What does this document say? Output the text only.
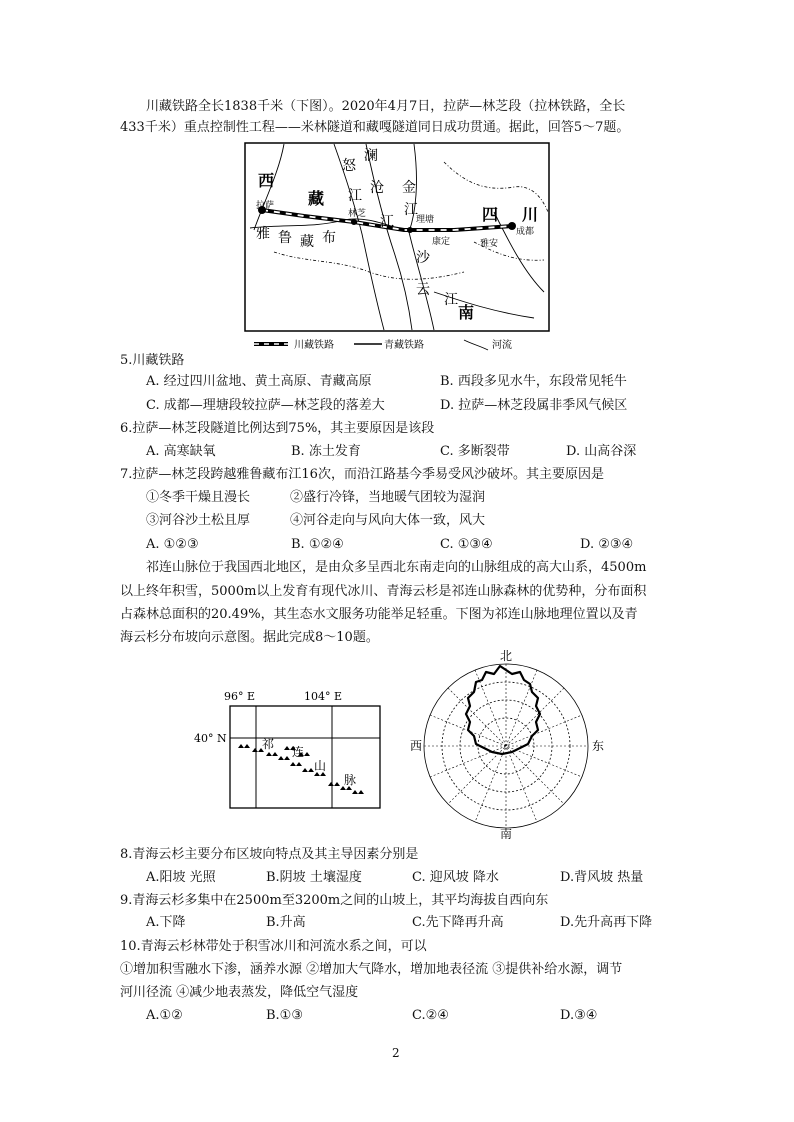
川藏铁路全长1838千米（下图）。2020年4月7日，拉萨—林芝段（拉林铁路，全长
433千米）重点控制性工程——米林隧道和藏嘎隧道同日成功贯通。据此，回答5～7题。
西
藏
拉萨
雅 鲁 藏 布
怒
江
澜
沧
江
金
江
林芝
理塘
康定	雅安
成都
四 川
沙
云
江
南
川藏铁路	青藏铁路	河流
5.川藏铁路
A. 经过四川盆地、黄土高原、青藏高原	B. 西段多见水牛，东段常见牦牛
C. 成都—理塘段较拉萨—林芝段的落差大	D. 拉萨—林芝段属非季风气候区
6.拉萨—林芝段隧道比例达到75%，其主要原因是该段
A. 高寒缺氧	B. 冻土发育	C. 多断裂带	D. 山高谷深
7.拉萨—林芝段跨越雅鲁藏布江16次，而沿江路基今季易受风沙破坏。其主要原因是
①冬季干燥且漫长	②盛行冷锋，当地暖气团较为湿润
③河谷沙土松且厚	④河谷走向与风向大体一致，风大
A. ①②③	B. ①②④	C. ①③④	D. ②③④
祁连山脉位于我国西北地区，是由众多呈西北东南走向的山脉组成的高大山系，4500m
以上终年积雪，5000m以上发育有现代冰川、青海云杉是祁连山脉森林的优势种，分布面积
占森林总面积的20.49%，其生态水文服务功能举足轻重。下图为祁连山脉地理位置以及青
海云杉分布坡向示意图。据此完成8～10题。
96° E	104° E
40° N	祁
连
山
脉
北
南
西	东
8.青海云杉主要分布区坡向特点及其主导因素分别是
A.阳坡 光照	B.阴坡 土壤湿度	C. 迎风坡 降水	D.背风坡 热量
9.青海云杉多集中在2500m至3200m之间的山坡上，其平均海拔自西向东
A.下降	B.升高	C.先下降再升高	D.先升高再下降
10.青海云杉林带处于积雪冰川和河流水系之间，可以
①增加积雪融水下渗，涵养水源 ②增加大气降水，增加地表径流 ③提供补给水源，调节
河川径流 ④减少地表蒸发，降低空气湿度
A.①②	B.①③	C.②④	D.③④
2
